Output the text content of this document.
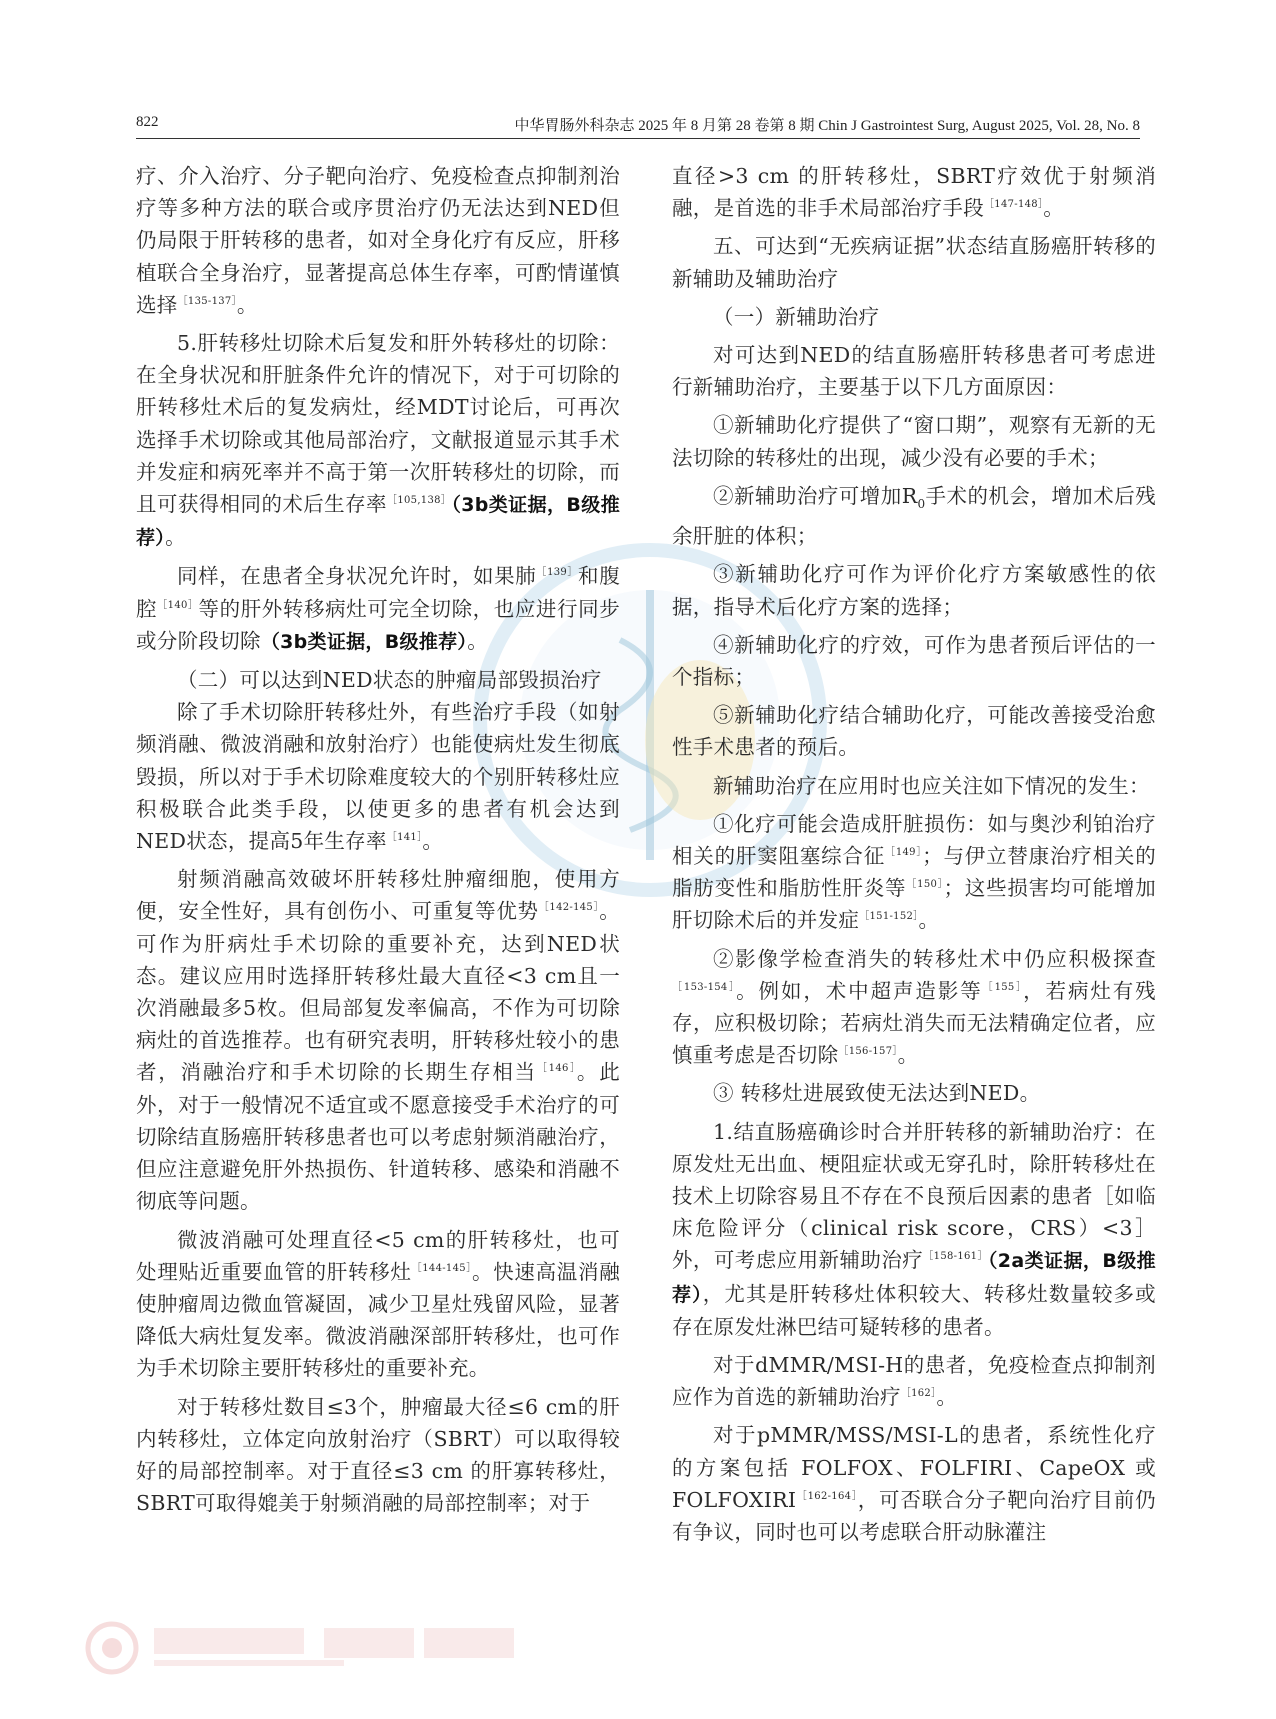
822	中华胃肠外科杂志 2025 年 8 月第 28 卷第 8 期 Chin J Gastrointest Surg, August 2025, Vol. 28, No. 8

疗、介入治疗、分子靶向治疗、免疫检查点抑制剂治疗等多种方法的联合或序贯治疗仍无法达到NED但仍局限于肝转移的患者，如对全身化疗有反应，肝移植联合全身治疗，显著提高总体生存率，可酌情谨慎选择$^{[135-137]}$。

5.肝转移灶切除术后复发和肝外转移灶的切除：在全身状况和肝脏条件允许的情况下，对于可切除的肝转移灶术后的复发病灶，经MDT讨论后，可再次选择手术切除或其他局部治疗，文献报道显示其手术并发症和病死率并不高于第一次肝转移灶的切除，而且可获得相同的术后生存率$^{[105,138]}$（3b类证据，B级推荐）。

同样，在患者全身状况允许时，如果肺$^{[139]}$和腹腔$^{[140]}$等的肝外转移病灶可完全切除，也应进行同步或分阶段切除（3b类证据，B级推荐）。

（二）可以达到NED状态的肿瘤局部毁损治疗

除了手术切除肝转移灶外，有些治疗手段（如射频消融、微波消融和放射治疗）也能使病灶发生彻底毁损，所以对于手术切除难度较大的个别肝转移灶应积极联合此类手段，以使更多的患者有机会达到NED状态，提高5年生存率$^{[141]}$。

射频消融高效破坏肝转移灶肿瘤细胞，使用方便，安全性好，具有创伤小、可重复等优势$^{[142-145]}$。可作为肝病灶手术切除的重要补充，达到NED状态。建议应用时选择肝转移灶最大直径<3 cm且一次消融最多5枚。但局部复发率偏高，不作为可切除病灶的首选推荐。也有研究表明，肝转移灶较小的患者，消融治疗和手术切除的长期生存相当$^{[146]}$。此外，对于一般情况不适宜或不愿意接受手术治疗的可切除结直肠癌肝转移患者也可以考虑射频消融治疗，但应注意避免肝外热损伤、针道转移、感染和消融不彻底等问题。

微波消融可处理直径<5 cm的肝转移灶，也可处理贴近重要血管的肝转移灶$^{[144-145]}$。快速高温消融使肿瘤周边微血管凝固，减少卫星灶残留风险，显著降低大病灶复发率。微波消融深部肝转移灶，也可作为手术切除主要肝转移灶的重要补充。

对于转移灶数目≤3个，肿瘤最大径≤6 cm的肝内转移灶，立体定向放射治疗（SBRT）可以取得较好的局部控制率。对于直径≤3 cm 的肝寡转移灶，SBRT可取得媲美于射频消融的局部控制率；对于

直径>3 cm 的肝转移灶，SBRT疗效优于射频消融，是首选的非手术局部治疗手段$^{[147-148]}$。

五、可达到“无疾病证据”状态结直肠癌肝转移的新辅助及辅助治疗

（一）新辅助治疗

对可达到NED的结直肠癌肝转移患者可考虑进行新辅助治疗，主要基于以下几方面原因：

①新辅助化疗提供了“窗口期”，观察有无新的无法切除的转移灶的出现，减少没有必要的手术；

②新辅助治疗可增加$R_0$手术的机会，增加术后残余肝脏的体积；

③新辅助化疗可作为评价化疗方案敏感性的依据，指导术后化疗方案的选择；

④新辅助化疗的疗效，可作为患者预后评估的一个指标；

⑤新辅助化疗结合辅助化疗，可能改善接受治愈性手术患者的预后。

新辅助治疗在应用时也应关注如下情况的发生：

①化疗可能会造成肝脏损伤：如与奥沙利铂治疗相关的肝窦阻塞综合征$^{[149]}$；与伊立替康治疗相关的脂肪变性和脂肪性肝炎等$^{[150]}$；这些损害均可能增加肝切除术后的并发症$^{[151-152]}$。

②影像学检查消失的转移灶术中仍应积极探查$^{[153-154]}$。例如，术中超声造影等$^{[155]}$，若病灶有残存，应积极切除；若病灶消失而无法精确定位者，应慎重考虑是否切除$^{[156-157]}$。

③ 转移灶进展致使无法达到NED。

1.结直肠癌确诊时合并肝转移的新辅助治疗：在原发灶无出血、梗阻症状或无穿孔时，除肝转移灶在技术上切除容易且不存在不良预后因素的患者［如临床危险评分（clinical risk score，CRS）<3］外，可考虑应用新辅助治疗$^{[158-161]}$（2a类证据，B级推荐），尤其是肝转移灶体积较大、转移灶数量较多或存在原发灶淋巴结可疑转移的患者。

对于dMMR/MSI-H的患者，免疫检查点抑制剂应作为首选的新辅助治疗$^{[162]}$。

对于pMMR/MSS/MSI-L的患者，系统性化疗的方案包括 FOLFOX、FOLFIRI、CapeOX 或 $FOLFOXIRI^{[162-164]}$，可否联合分子靶向治疗目前仍有争议，同时也可以考虑联合肝动脉灌注
